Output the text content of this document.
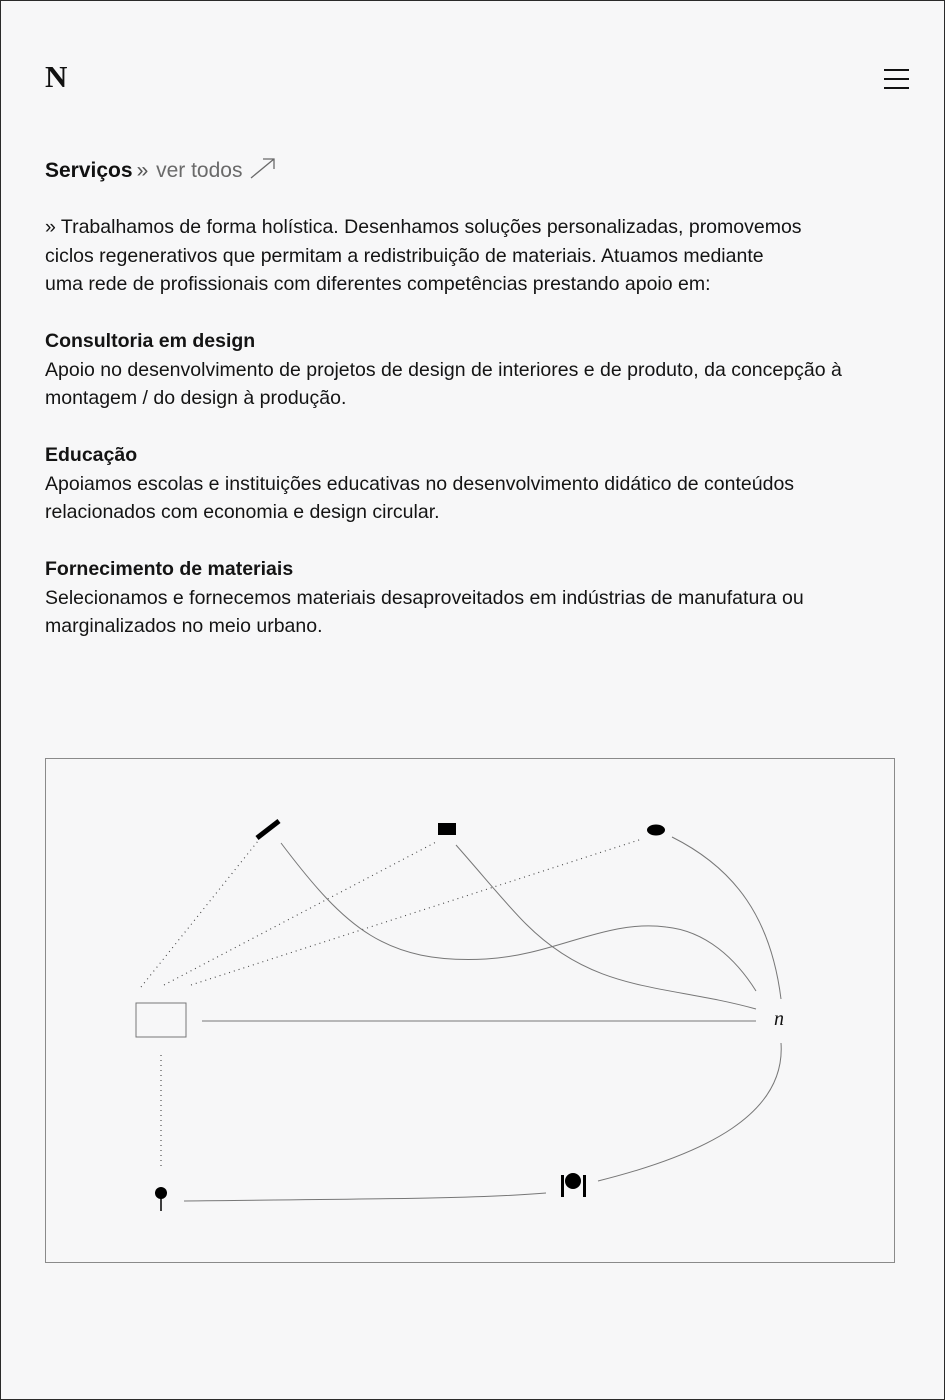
N
Serviços » ver todos

» Trabalhamos de forma holística. Desenhamos soluções personalizadas, promovemos ciclos regenerativos que permitam a redistribuição de materiais. Atuamos mediante uma rede de profissionais com diferentes competências prestando apoio em:

Consultoria em design

Apoio no desenvolvimento de projetos de design de interiores e de produto, da concepção à montagem / do design à produção.

Educação

Apoiamos escolas e instituições educativas no desenvolvimento didático de conteúdos relacionados com economia e design circular.

Fornecimento de materiais

Selecionamos e fornecemos materiais desaproveitados em indústrias de manufatura ou marginalizados no meio urbano.

n
